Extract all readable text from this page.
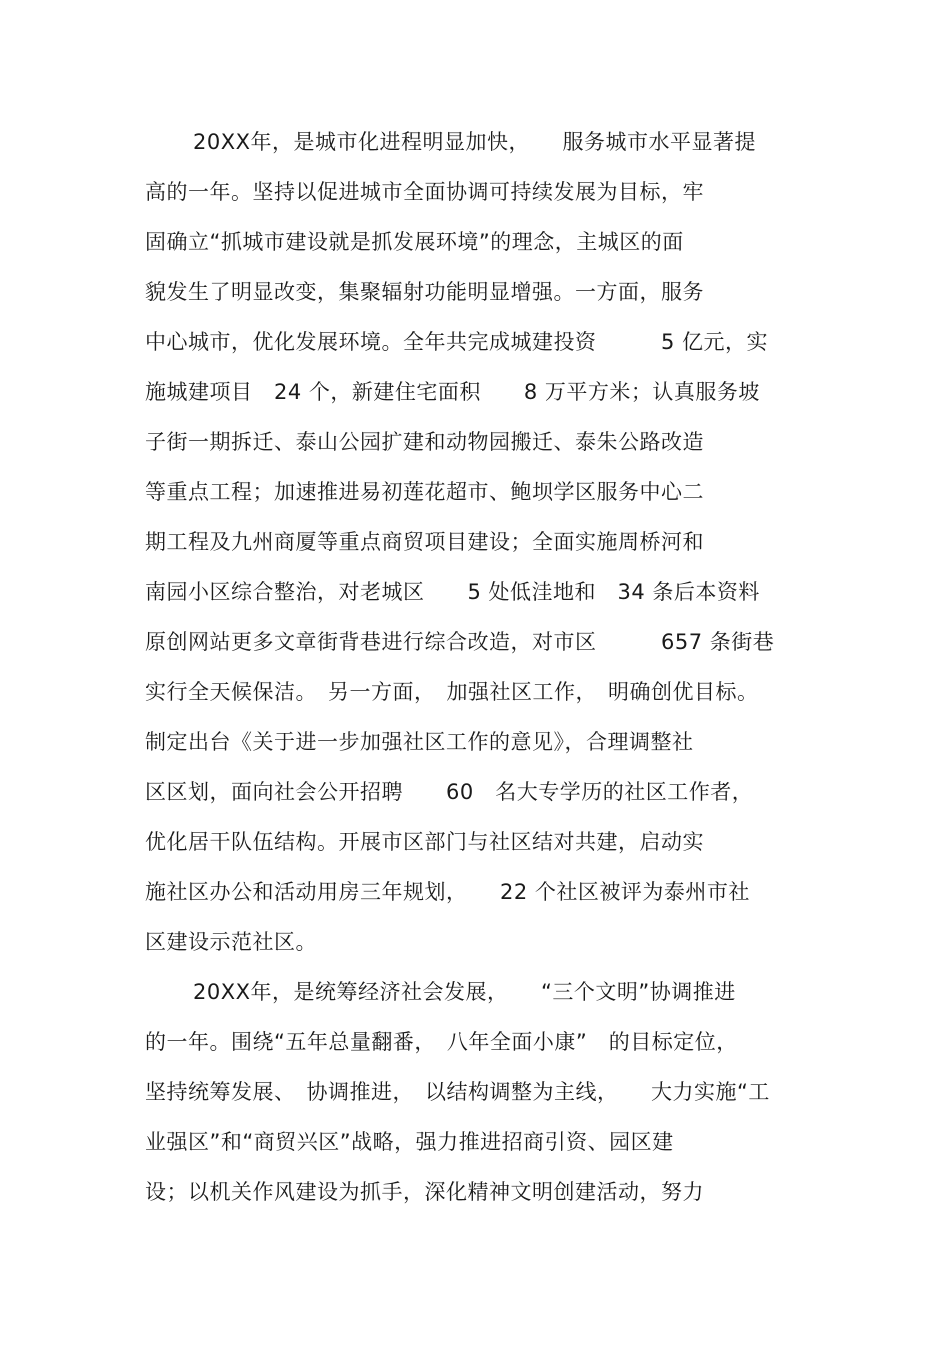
20XX年，是城市化进程明显加快，　　服务城市水平显著提
高的一年。坚持以促进城市全面协调可持续发展为目标，牢
固确立“抓城市建设就是抓发展环境”的理念，主城区的面
貌发生了明显改变，集聚辐射功能明显增强。一方面，服务
中心城市，优化发展环境。全年共完成城建投资　　　5 亿元，实
施城建项目　24 个，新建住宅面积　　8 万平方米；认真服务坡
子街一期拆迁、泰山公园扩建和动物园搬迁、泰朱公路改造
等重点工程；加速推进易初莲花超市、鲍坝学区服务中心二
期工程及九州商厦等重点商贸项目建设；全面实施周桥河和
南园小区综合整治，对老城区　　5 处低洼地和　34 条后本资料
原创网站更多文章街背巷进行综合改造，对市区　　　657 条街巷
实行全天候保洁。　另一方面，　加强社区工作，　明确创优目标。
制定出台《关于进一步加强社区工作的意见》，合理调整社
区区划，面向社会公开招聘　　60　名大专学历的社区工作者，
优化居干队伍结构。开展市区部门与社区结对共建，启动实
施社区办公和活动用房三年规划，　　22 个社区被评为泰州市社
区建设示范社区。
20XX年，是统筹经济社会发展，　　“三个文明”协调推进
的一年。围绕“五年总量翻番，　八年全面小康”　的目标定位，
坚持统筹发展、　协调推进，　以结构调整为主线，　　大力实施“工
业强区”和“商贸兴区”战略，强力推进招商引资、园区建
设；以机关作风建设为抓手，深化精神文明创建活动，努力
